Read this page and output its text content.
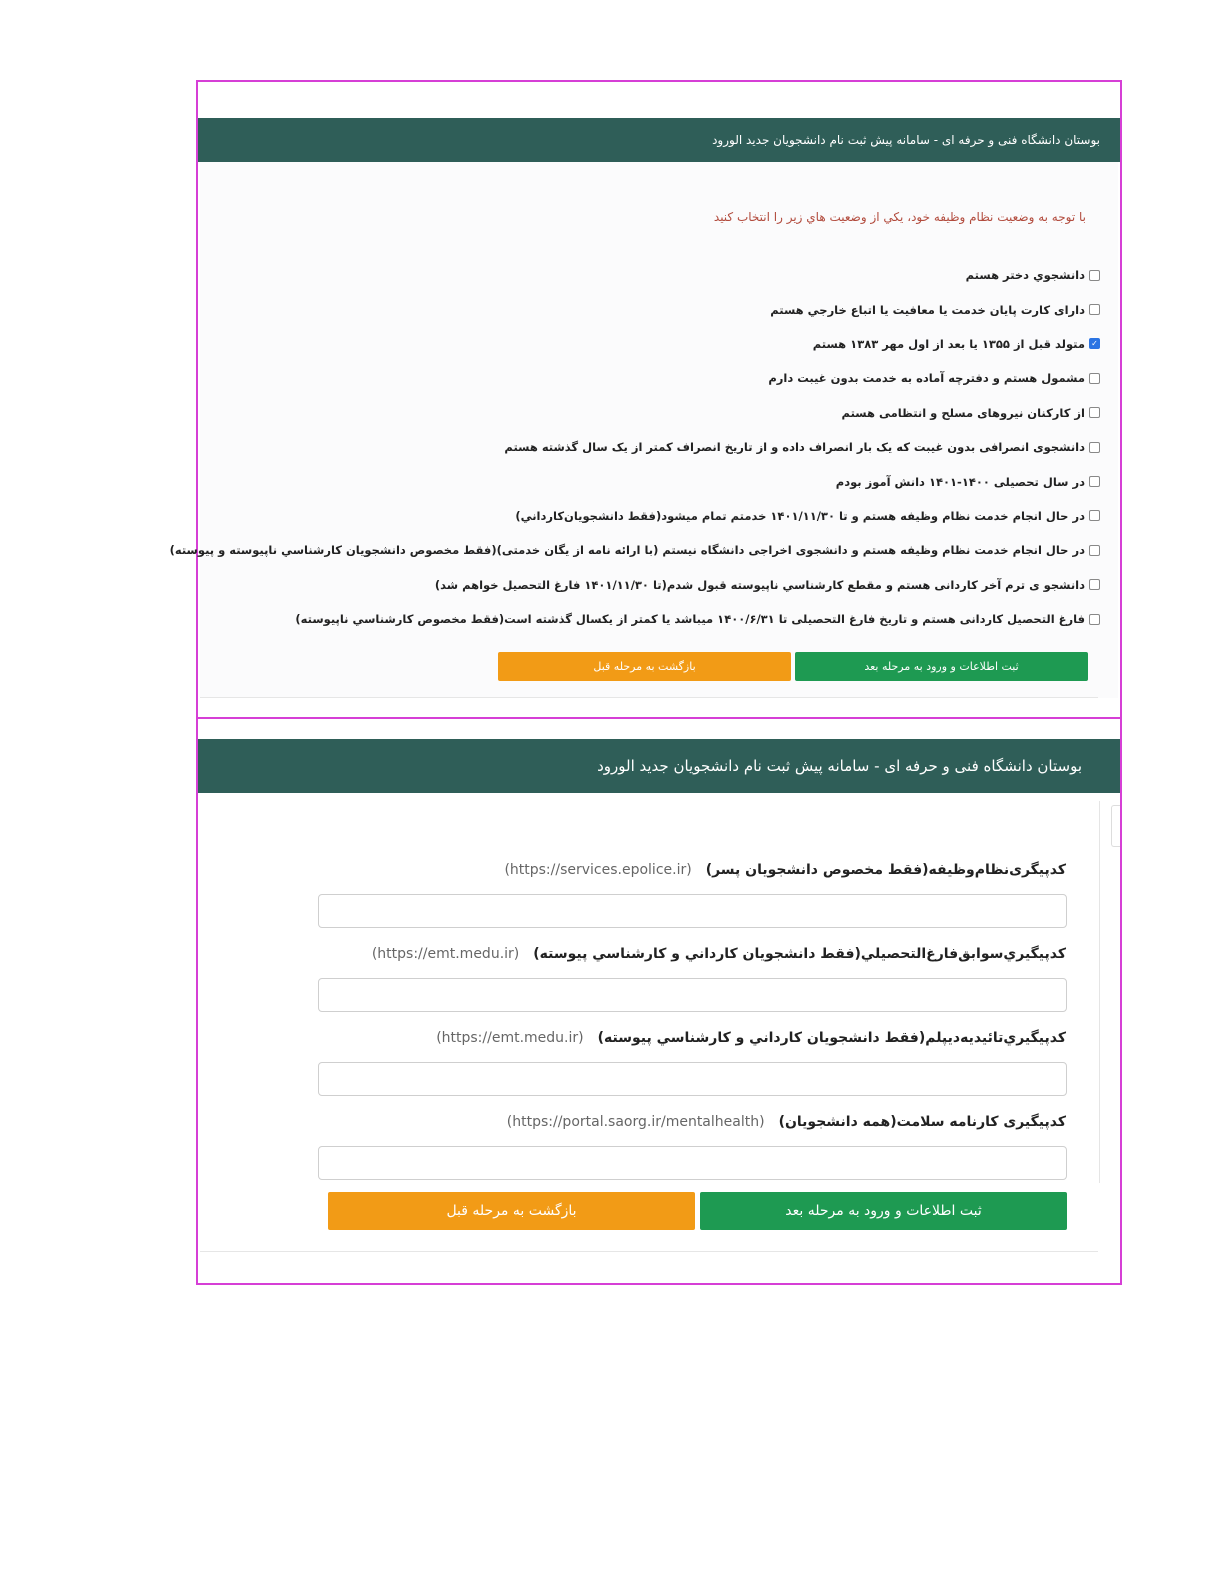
بوستان دانشگاه فنی و حرفه ای - سامانه پیش ثبت نام دانشجویان جدید الورود
با توجه به وضعیت نظام وظیفه خود، يكي از وضعيت هاي زير را انتخاب كنيد
دانشجوي دختر هستم
دارای کارت پایان خدمت يا معافيت يا اتباع خارجي هستم
✓
متولد قبل از ۱۳۵۵ یا بعد از اول مهر ۱۳۸۳ هستم
مشمول هستم و دفترچه آماده به خدمت بدون غيبت دارم
از کارکنان نیروهای مسلح و انتظامی هستم
دانشجوی انصرافی بدون غیبت که یک بار انصراف داده و از تاریخ انصراف کمتر از یک سال گذشته هستم
در سال تحصیلی ۱۴۰۰-۱۴۰۱ دانش آموز بودم
در حال انجام خدمت نظام وظیفه هستم و تا ۱۴۰۱/۱۱/۳۰ خدمتم تمام میشود(فقط دانشجويان‌کارداني)
در حال انجام خدمت نظام وظیفه هستم و دانشجوی اخراجی دانشگاه نیستم (با ارائه نامه از یگان خدمتی)(فقط مخصوص دانشجويان كارشناسي ناپيوسته و پيوسته)
دانشجو ی ترم آخر کاردانی هستم و مقطع كارشناسي ناپيوسته قبول شدم(تا ۱۴۰۱/۱۱/۳۰ فارغ التحصیل خواهم شد)
فارغ التحصیل کاردانی هستم و تاریخ فارغ التحصیلی تا ۱۴۰۰/۶/۳۱ میباشد یا کمتر از یکسال گذشته است(فقط مخصوص كارشناسي ناپيوسته)
ثبت اطلاعات و ورود به مرحله بعد
بازگشت به مرحله قبل
بوستان دانشگاه فنی و حرفه ای - سامانه پیش ثبت نام دانشجویان جدید الورود
کدپیگری‌نظام‌وظیفه(فقط مخصوص دانشجویان پسر)(https://services.epolice.ir)
كدپيگيري‌سوابق‌فارغ‌التحصيلي(فقط دانشجويان كارداني و كارشناسي پيوسته)(https://emt.medu.ir)
كدپيگيري‌تائيديه‌ديپلم(فقط دانشجويان كارداني و كارشناسي پيوسته)(https://emt.medu.ir)
کدپیگیری کارنامه سلامت(همه دانشجویان)(https://portal.saorg.ir/mentalhealth)
ثبت اطلاعات و ورود به مرحله بعد
بازگشت به مرحله قبل
